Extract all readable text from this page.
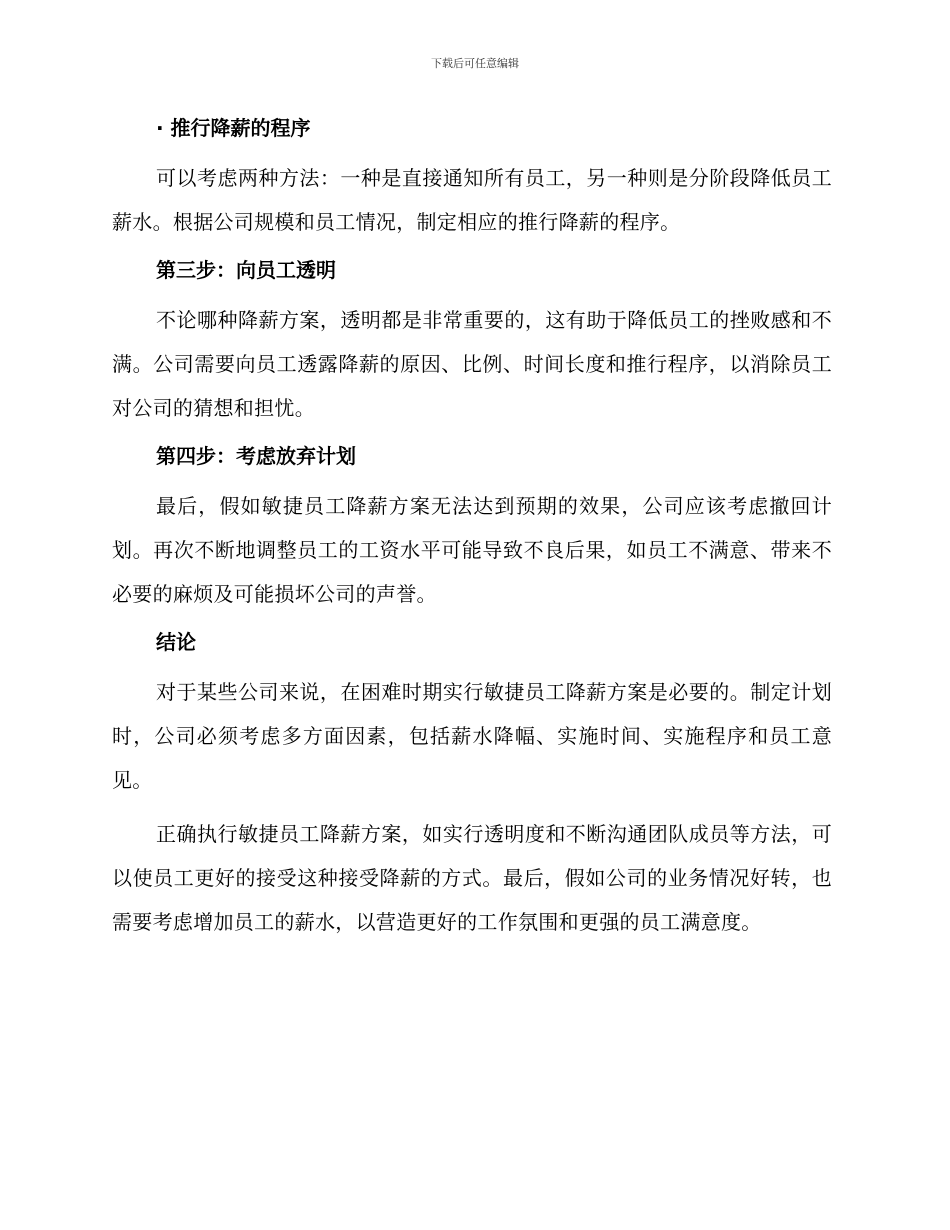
下载后可任意编辑
· 推行降薪的程序

可以考虑两种方法：一种是直接通知所有员工，另一种则是分阶段降低员工薪水。根据公司规模和员工情况，制定相应的推行降薪的程序。

第三步：向员工透明

不论哪种降薪方案，透明都是非常重要的，这有助于降低员工的挫败感和不满。公司需要向员工透露降薪的原因、比例、时间长度和推行程序，以消除员工对公司的猜想和担忧。

第四步：考虑放弃计划

最后，假如敏捷员工降薪方案无法达到预期的效果，公司应该考虑撤回计划。再次不断地调整员工的工资水平可能导致不良后果，如员工不满意、带来不必要的麻烦及可能损坏公司的声誉。

结论

对于某些公司来说，在困难时期实行敏捷员工降薪方案是必要的。制定计划时，公司必须考虑多方面因素，包括薪水降幅、实施时间、实施程序和员工意见。

正确执行敏捷员工降薪方案，如实行透明度和不断沟通团队成员等方法，可以使员工更好的接受这种接受降薪的方式。最后，假如公司的业务情况好转，也需要考虑增加员工的薪水，以营造更好的工作氛围和更强的员工满意度。
